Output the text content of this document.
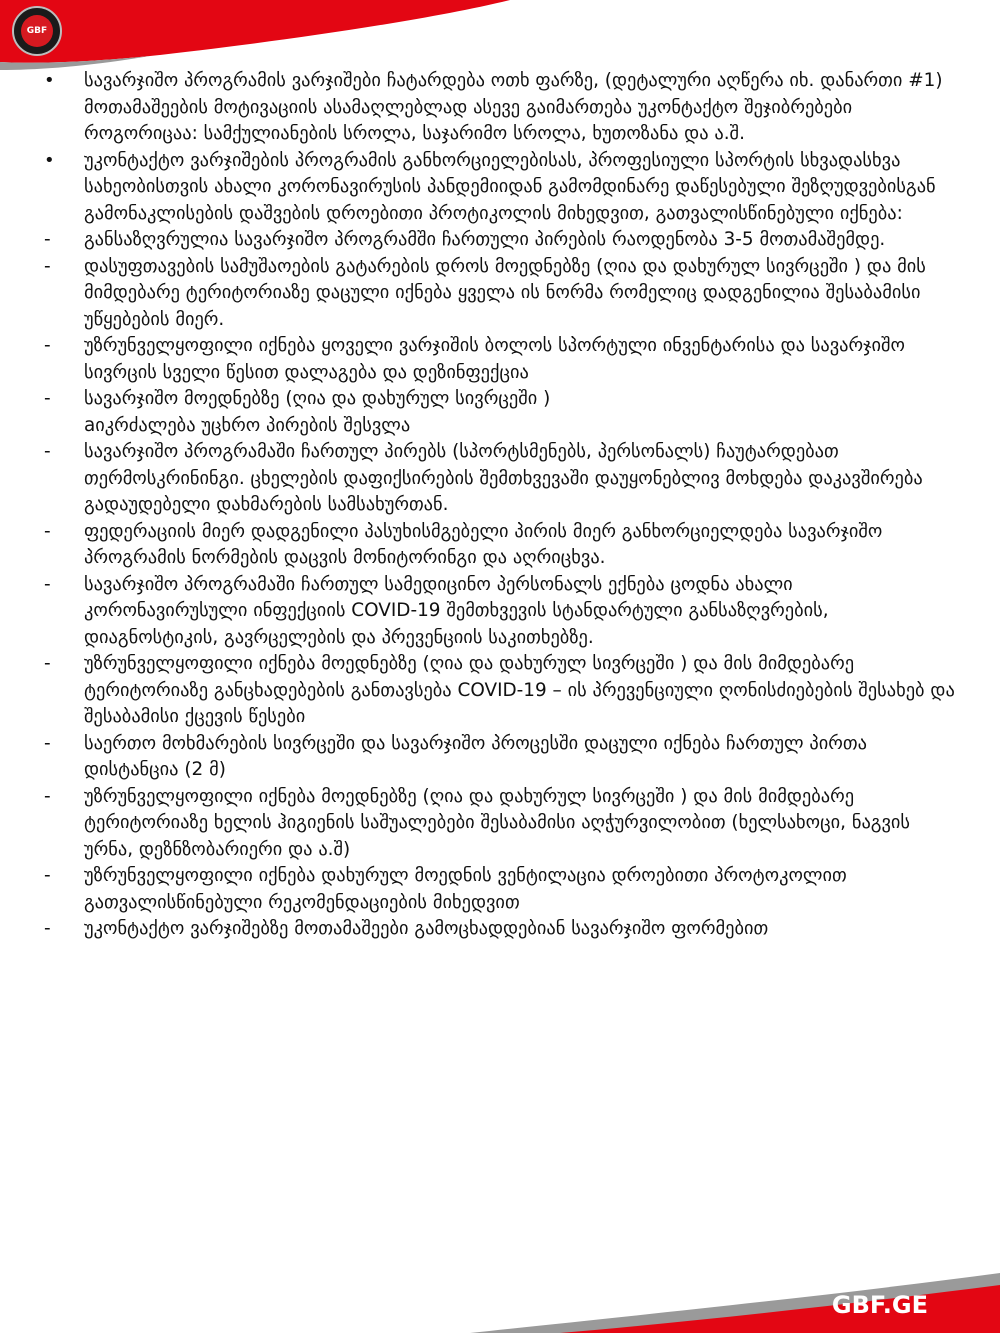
GBF
•	სავარჯიშო პროგრამის ვარჯიშები ჩატარდება ოთხ ფარზე, (დეტალური აღწერა იხ. დანართი #1) მოთამაშეების მოტივაციის ასამაღლებლად ასევე გაიმართება უკონტაქტო შეჯიბრებები როგორიცაა: სამქულიანების სროლა, საჯარიმო სროლა, ხუთოზანა და ა.შ.
•	უკონტაქტო ვარჯიშების პროგრამის განხორციელებისას, პროფესიული სპორტის სხვადასხვა სახეობისთვის ახალი კორონავირუსის პანდემიიდან გამომდინარე დაწესებული შეზღუდვებისგან გამონაკლისების დაშვების დროებითი პროტიკოლის მიხედვით, გათვალისწინებული იქნება:
-	განსაზღვრულია სავარჯიშო პროგრამში ჩართული პირების რაოდენობა 3-5 მოთამაშემდე.
-	დასუფთავების სამუშაოების გატარების დროს მოედნებზე (ღია და დახურულ სივრცეში ) და მის მიმდებარე ტერიტორიაზე დაცული იქნება ყველა ის ნორმა რომელიც დადგენილია შესაბამისი უწყებების მიერ.
-	უზრუნველყოფილი იქნება ყოველი ვარჯიშის ბოლოს სპორტული ინვენტარისა და სავარჯიშო სივრცის სველი წესით დალაგება და დეზინფექცია
-	სავარჯიშო მოედნებზე (ღია და დახურულ სივრცეში )
aიკრძალება უცხრო პირების შესვლა
-	სავარჯიშო პროგრამაში ჩართულ პირებს (სპორტსმენებს, პერსონალს) ჩაუტარდებათ თერმოსკრინინგი. ცხელების დაფიქსირების შემთხვევაში დაუყონებლივ მოხდება დაკავშირება გადაუდებელი დახმარების სამსახურთან.
-	ფედერაციის მიერ დადგენილი პასუხისმგებელი პირის მიერ განხორციელდება სავარჯიშო პროგრამის ნორმების დაცვის მონიტორინგი და აღრიცხვა.
-	სავარჯიშო პროგრამაში ჩართულ სამედიცინო პერსონალს ექნება ცოდნა ახალი კორონავირუსული ინფექციის COVID-19 შემთხვევის სტანდარტული განსაზღვრების, დიაგნოსტიკის, გავრცელების და პრევენციის საკითხებზე.
-	უზრუნველყოფილი იქნება მოედნებზე (ღია და დახურულ სივრცეში ) და მის მიმდებარე ტერიტორიაზე განცხადებების განთავსება COVID-19 – ის პრევენციული ღონისძიებების შესახებ და შესაბამისი ქცევის წესები
-	საერთო მოხმარების სივრცეში და სავარჯიშო პროცესში დაცული იქნება ჩართულ პირთა დისტანცია (2 მ)
-	უზრუნველყოფილი იქნება მოედნებზე (ღია და დახურულ სივრცეში ) და მის მიმდებარე ტერიტორიაზე ხელის ჰიგიენის საშუალებები შესაბამისი აღჭურვილობით (ხელსახოცი, ნაგვის ურნა, დეზნზობარიერი და ა.შ)
-	უზრუნველყოფილი იქნება დახურულ მოედნის ვენტილაცია დროებითი პროტოკოლით გათვალისწინებული რეკომენდაციების მიხედვით
-	უკონტაქტო ვარჯიშებზე მოთამაშეები გამოცხადდებიან სავარჯიშო ფორმებით
GBF.GE
